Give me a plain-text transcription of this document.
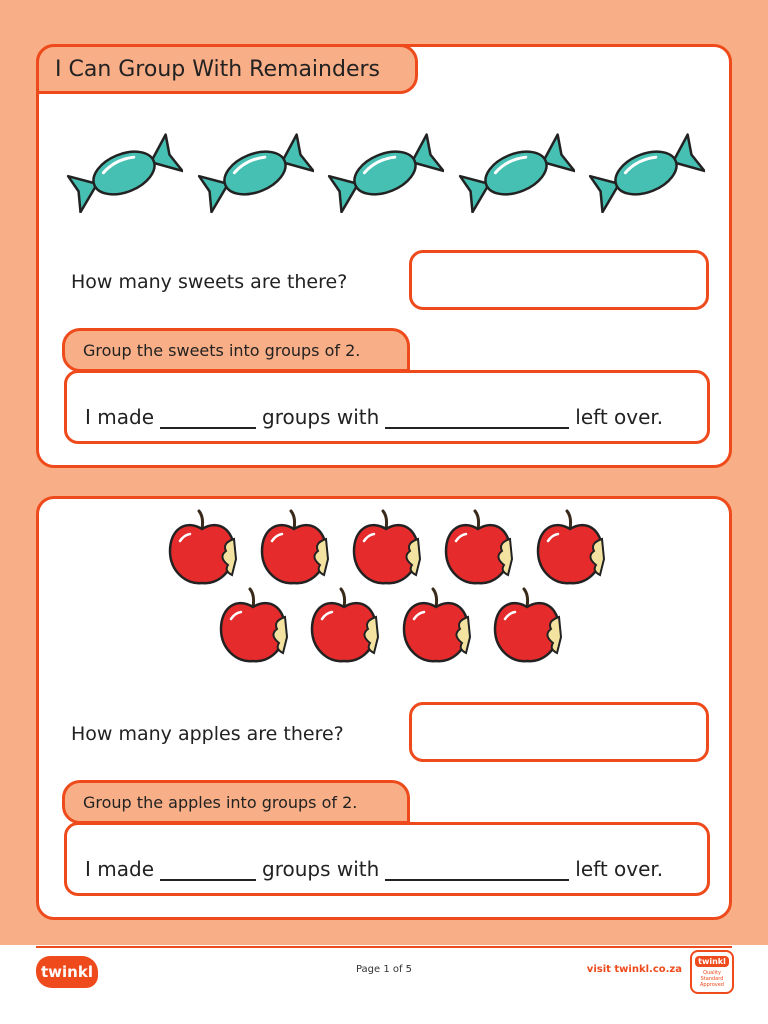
I Can Group With Remainders
How many sweets are there?
Group the sweets into groups of 2.
I made	groups with	left over.
How many apples are there?
Group the apples into groups of 2.
I made	groups with	left over.
twinkl	Page 1 of 5	visit twinkl.co.za
twinkl
Quality Standard Approved
